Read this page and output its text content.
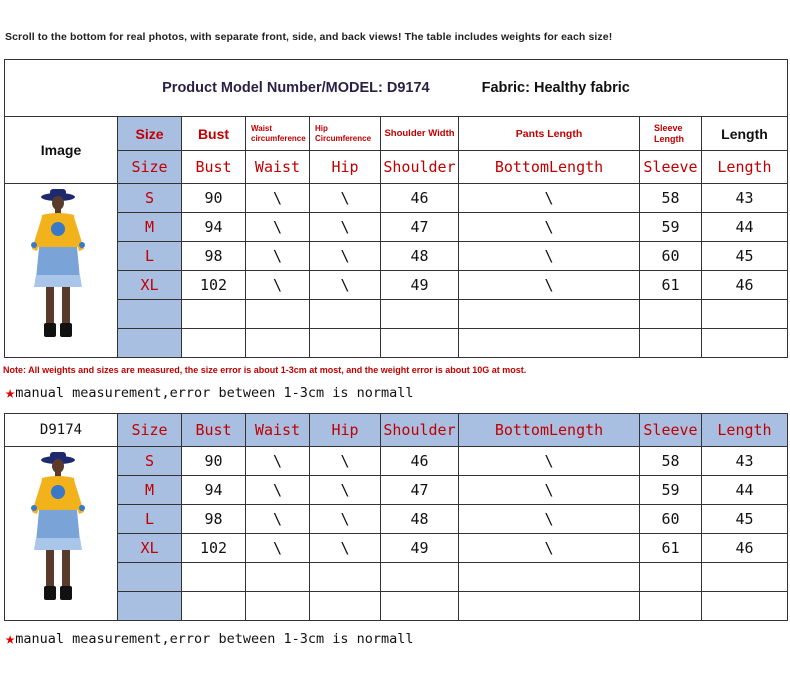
Scroll to the bottom for real photos, with separate front, side, and back views! The table includes weights for each size!
Product Model Number/MODEL: D9174 Fabric: Healthy fabric									
Image	Size	Bust	Waist circumference	Hip Circumference	Shoulder Width	Pants Length	Sleeve Length	Length	
	Size	Bust	Waist	Hip	Shoulder	BottomLength	Sleeve	Length	

	S	90	\	\	46	\	58	43	
	M	94	\	\	47	\	59	44	
	L	98	\	\	48	\	60	45	
	XL	102	\	\	49	\	61	46	

Note: All weights and sizes are measured, the size error is about 1-3cm at most, and the weight error is about 10G at most.
★manual measurement,error between 1-3cm is normall
D9174	Size	Bust	Waist	Hip	Shoulder	BottomLength	Sleeve	Length	

	S	90	\	\	46	\	58	43	
	M	94	\	\	47	\	59	44	
	L	98	\	\	48	\	60	45	
	XL	102	\	\	49	\	61	46	

★manual measurement,error between 1-3cm is normall
